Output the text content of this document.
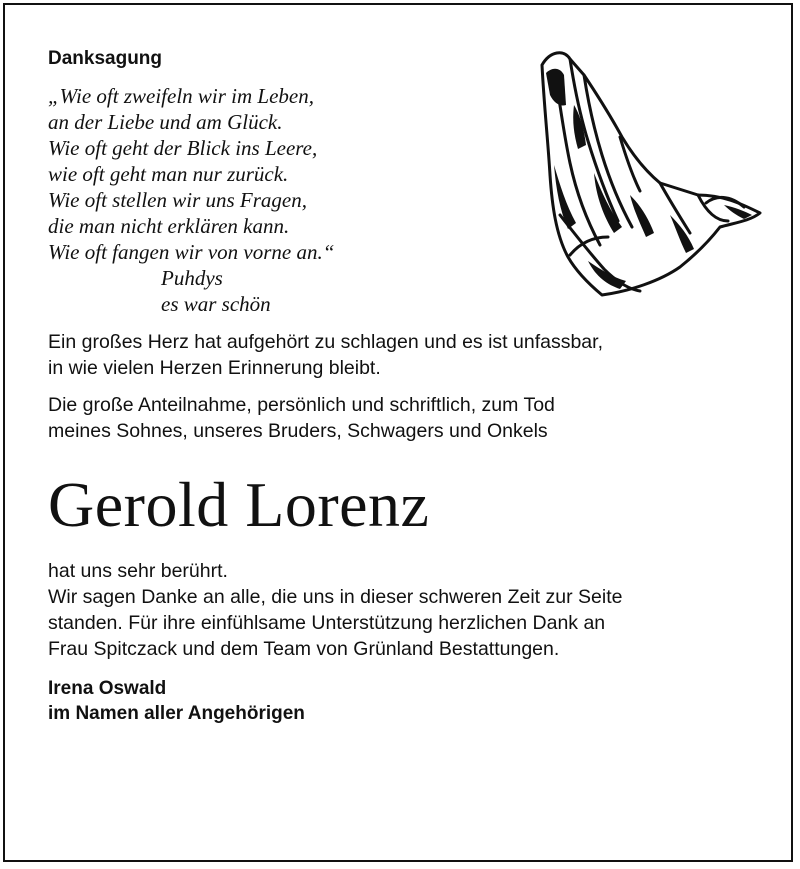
Danksagung
„Wie oft zweifeln wir im Leben,
an der Liebe und am Glück.
Wie oft geht der Blick ins Leere,
wie oft geht man nur zurück.
Wie oft stellen wir uns Fragen,
die man nicht erklären kann.
Wie oft fangen wir von vorne an.“
Puhdys
es war schön
Ein großes Herz hat aufgehört zu schlagen und es ist unfassbar,
in wie vielen Herzen Erinnerung bleibt.
Die große Anteilnahme, persönlich und schriftlich, zum Tod
meines Sohnes, unseres Bruders, Schwagers und Onkels
Gerold Lorenz
hat uns sehr berührt.
Wir sagen Danke an alle, die uns in dieser schweren Zeit zur Seite
standen. Für ihre einfühlsame Unterstützung herzlichen Dank an
Frau Spitczack und dem Team von Grünland Bestattungen.
Irena Oswald
im Namen aller Angehörigen
